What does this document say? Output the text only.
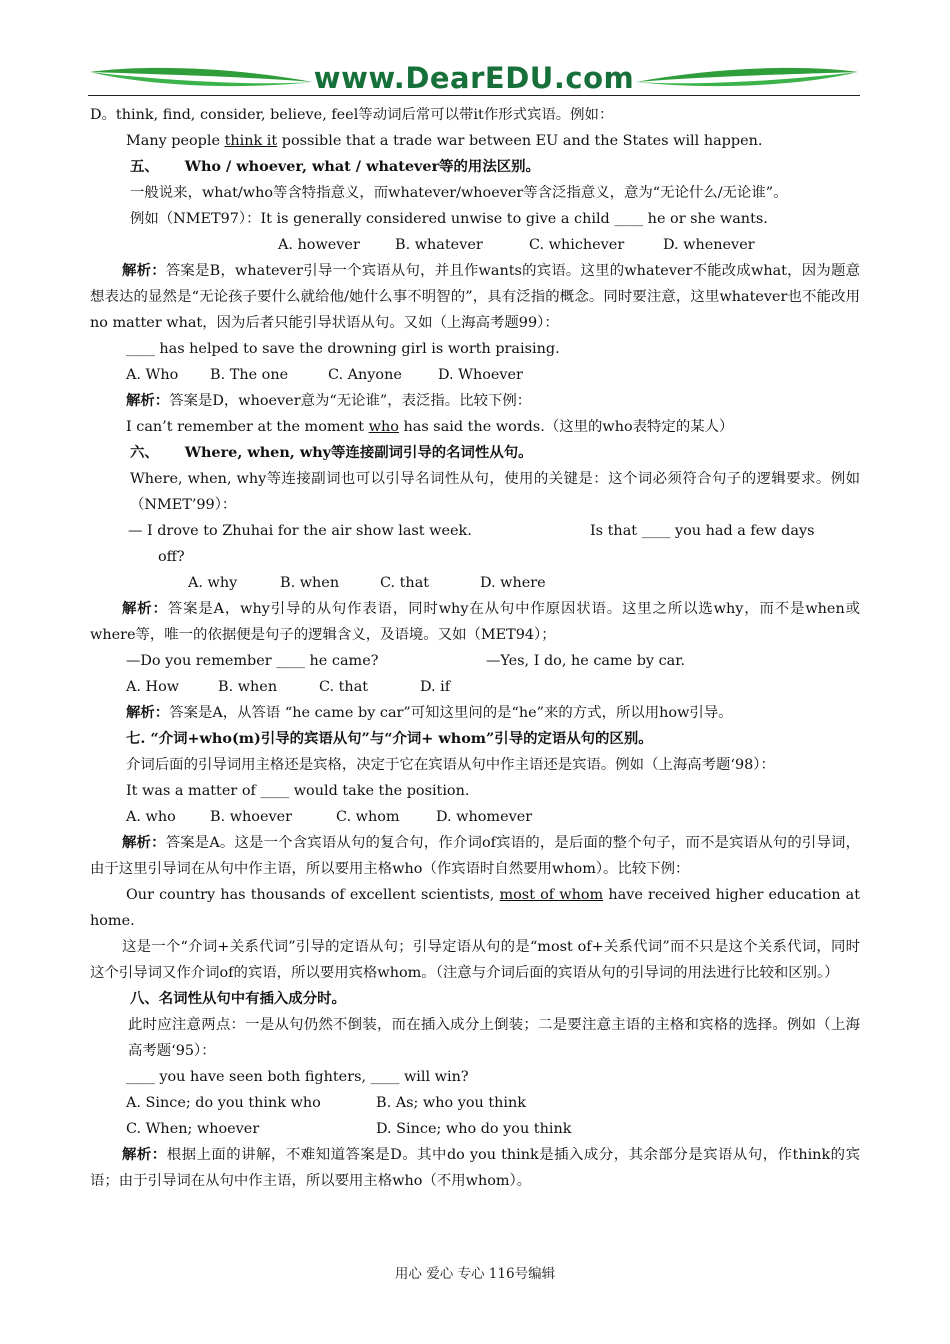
www.DearEDU.com
D。think, find, consider, believe, feel等动词后常可以带it作形式宾语。例如：
Many people think it possible that a trade war between EU and the States will happen.
五、 Who / whoever, what / whatever等的用法区别。
一般说来，what/who等含特指意义，而whatever/whoever等含泛指意义，意为“无论什么/无论谁”。
例如（NMET97）：It is generally considered unwise to give a child ____ he or she wants.
A. however B. whatever	C. whichever	D. whenever
解析：答案是B，whatever引导一个宾语从句，并且作wants的宾语。这里的whatever不能改成what，因为题意想表达的显然是“无论孩子要什么就给他/她什么事不明智的”，具有泛指的概念。同时要注意，这里whatever也不能改用no matter what，因为后者只能引导状语从句。又如（上海高考题99）：
____ has helped to save the drowning girl is worth praising.
A. Who B. The one	C. Anyone	D. Whoever
解析：答案是D，whoever意为“无论谁”，表泛指。比较下例：
I can’t remember at the moment who has said the words.（这里的who表特定的某人）
六、 Where, when, why等连接副词引导的名词性从句。
Where, when, why等连接副词也可以引导名词性从句，使用的关键是：这个词必须符合句子的逻辑要求。例如（NMET’99）：
— I drove to Zhuhai for the air show last week.	Is that ____ you had a few days
off?
A. why	B. when	C. that	D. where
解析：答案是A，why引导的从句作表语，同时why在从句中作原因状语。这里之所以选why，而不是when或 where等，唯一的依据便是句子的逻辑含义，及语境。又如（MET94）；
—Do you remember ____ he came?	—Yes, I do, he came by car.
A. How	B. when	C. that	D. if
解析：答案是A，从答语 “he came by car”可知这里问的是“he”来的方式，所以用how引导。
七. “介词+who(m)引导的宾语从句”与“介词+ whom”引导的定语从句的区别。
介词后面的引导词用主格还是宾格，决定于它在宾语从句中作主语还是宾语。例如（上海高考题‘98）：
It was a matter of ____ would take the position.
A. who B. whoever	C. whom	D. whomever
解析：答案是A。这是一个含宾语从句的复合句，作介词of宾语的，是后面的整个句子，而不是宾语从句的引导词，由于这里引导词在从句中作主语，所以要用主格who（作宾语时自然要用whom）。比较下例：
Our country has thousands of excellent scientists, most of whom have received higher education at home.
这是一个“介词+关系代词”引导的定语从句；引导定语从句的是“most of+关系代词”而不只是这个关系代词，同时这个引导词又作介词of的宾语，所以要用宾格whom。（注意与介词后面的宾语从句的引导词的用法进行比较和区别。）
八、名词性从句中有插入成分时。
此时应注意两点：一是从句仍然不倒装，而在插入成分上倒装；二是要注意主语的主格和宾格的选择。例如（上海高考题‘95）：
____ you have seen both fighters, ____ will win?
A. Since; do you think who	B. As; who you think
C. When; whoever	D. Since; who do you think
解析：根据上面的讲解，不难知道答案是D。其中do you think是插入成分，其余部分是宾语从句，作think的宾语；由于引导词在从句中作主语，所以要用主格who（不用whom）。
用心 爱心 专心 116号编辑
